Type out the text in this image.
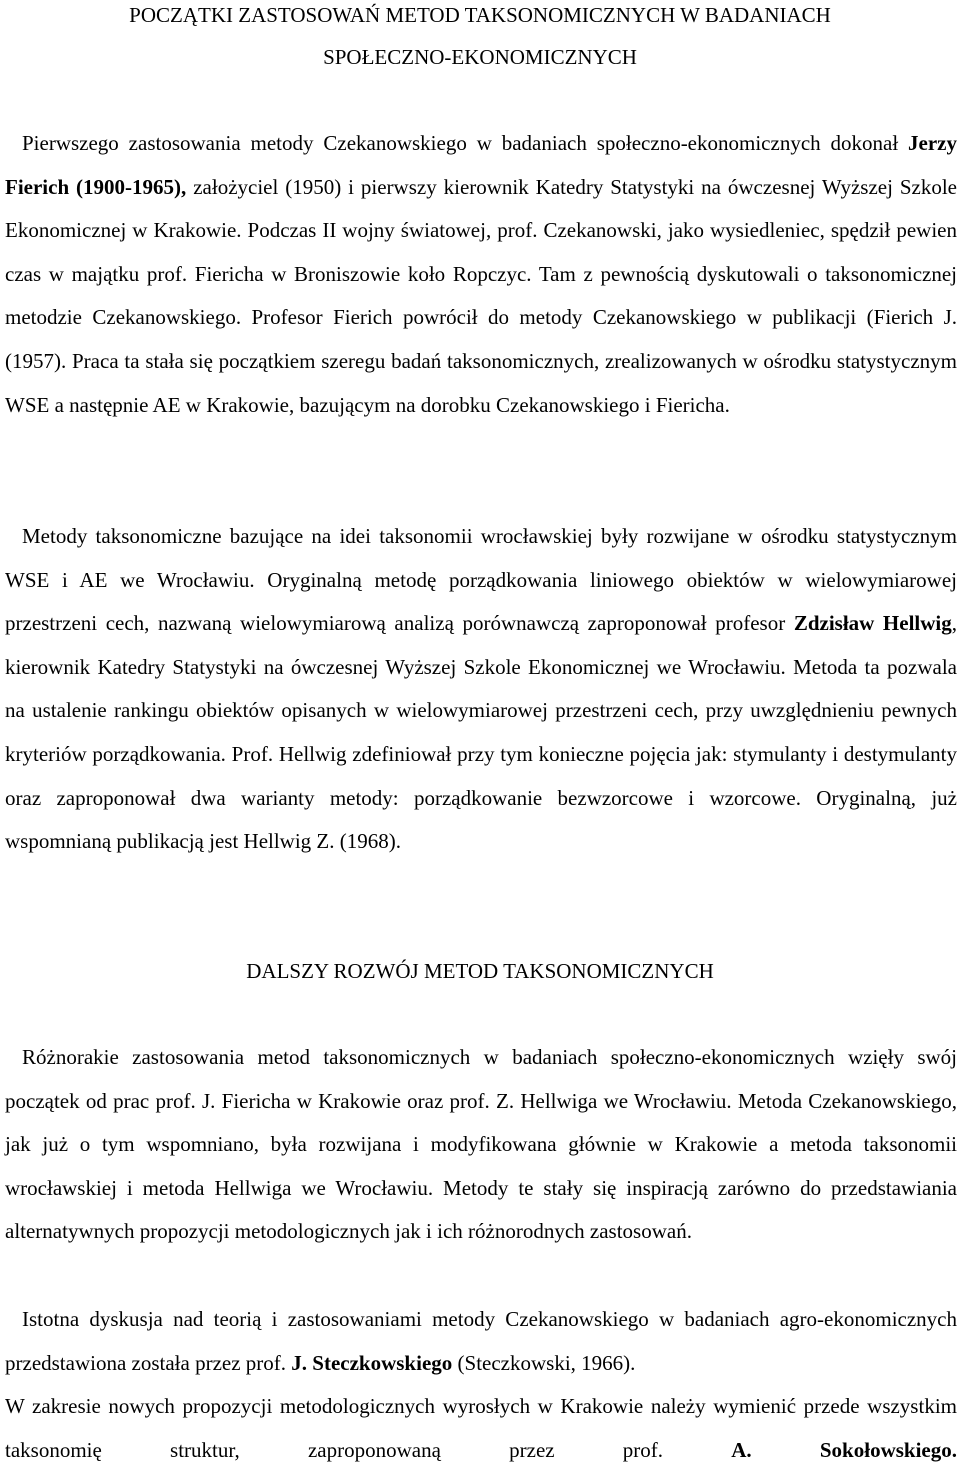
POCZĄTKI ZASTOSOWAŃ METOD TAKSONOMICZNYCH W BADANIACH
SPOŁECZNO-EKONOMICZNYCH

Pierwszego zastosowania metody Czekanowskiego w badaniach społeczno-ekonomicznych dokonał Jerzy Fierich (1900-1965), założyciel (1950) i pierwszy kierownik Katedry Statystyki na ówczesnej Wyższej Szkole Ekonomicznej w Krakowie. Podczas II wojny światowej, prof. Czekanowski, jako wysiedleniec, spędził pewien czas w majątku prof. Fiericha w Broniszowie koło Ropczyc. Tam z pewnością dyskutowali o taksonomicznej metodzie Czekanowskiego. Profesor Fierich powrócił do metody Czekanowskiego w publikacji (Fierich J. (1957). Praca ta stała się początkiem szeregu badań taksonomicznych, zrealizowanych w ośrodku statystycznym WSE a następnie AE w Krakowie, bazującym na dorobku Czekanowskiego i Fiericha.

Metody taksonomiczne bazujące na idei taksonomii wrocławskiej były rozwijane w ośrodku statystycznym WSE i AE we Wrocławiu. Oryginalną metodę porządkowania liniowego obiektów w wielowymiarowej przestrzeni cech, nazwaną wielowymiarową analizą porównawczą zaproponował profesor Zdzisław Hellwig, kierownik Katedry Statystyki na ówczesnej Wyższej Szkole Ekonomicznej we Wrocławiu. Metoda ta pozwala na ustalenie rankingu obiektów opisanych w wielowymiarowej przestrzeni cech, przy uwzględnieniu pewnych kryteriów porządkowania. Prof. Hellwig zdefiniował przy tym konieczne pojęcia jak: stymulanty i destymulanty oraz zaproponował dwa warianty metody: porządkowanie bezwzorcowe i wzorcowe. Oryginalną, już wspomnianą publikacją jest Hellwig Z. (1968).

DALSZY ROZWÓJ METOD TAKSONOMICZNYCH

Różnorakie zastosowania metod taksonomicznych w badaniach społeczno-ekonomicznych wzięły swój początek od prac prof. J. Fiericha w Krakowie oraz prof. Z. Hellwiga we Wrocławiu. Metoda Czekanowskiego, jak już o tym wspomniano, była rozwijana i modyfikowana głównie w Krakowie a metoda taksonomii wrocławskiej i metoda Hellwiga we Wrocławiu. Metody te stały się inspiracją zarówno do przedstawiania alternatywnych propozycji metodologicznych jak i ich różnorodnych zastosowań.

Istotna dyskusja nad teorią i zastosowaniami metody Czekanowskiego w badaniach agro-ekonomicznych przedstawiona została przez prof. J. Steczkowskiego (Steczkowski, 1966).

W zakresie nowych propozycji metodologicznych wyrosłych w Krakowie należy wymienić przede wszystkim taksonomię struktur, zaproponowaną przez prof. A. Sokołowskiego.
